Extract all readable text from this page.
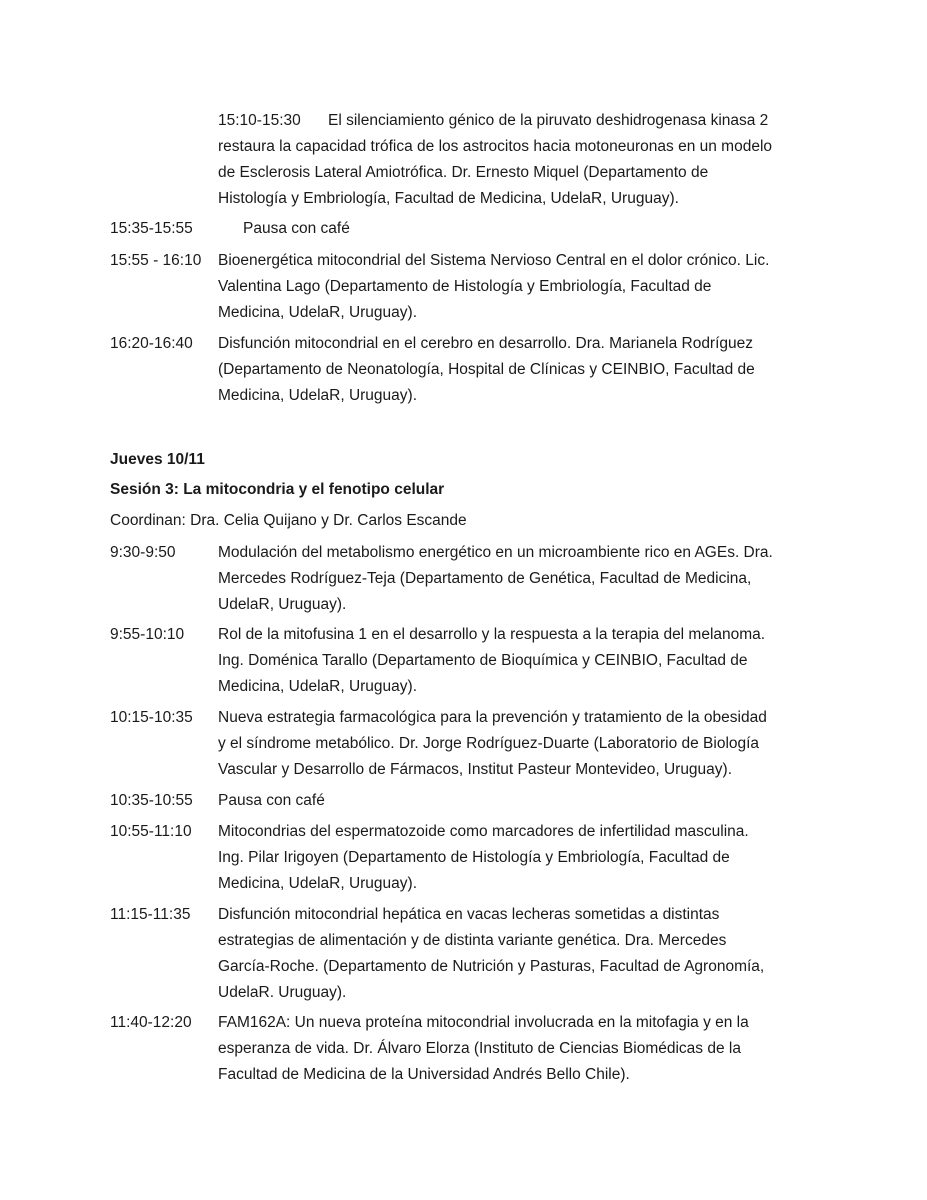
15:10-15:30 El silenciamiento génico de la piruvato deshidrogenasa kinasa 2
restaura la capacidad trófica de los astrocitos hacia motoneuronas en un modelo
de Esclerosis Lateral Amiotrófica. Dr. Ernesto Miquel (Departamento de
Histología y Embriología, Facultad de Medicina, UdelaR, Uruguay).
15:35-15:55	Pausa con café
15:55 - 16:10 Bioenergética mitocondrial del Sistema Nervioso Central en el dolor crónico. Lic.
Valentina Lago (Departamento de Histología y Embriología, Facultad de
Medicina, UdelaR, Uruguay).
16:20-16:40 Disfunción mitocondrial en el cerebro en desarrollo. Dra. Marianela Rodríguez
(Departamento de Neonatología, Hospital de Clínicas y CEINBIO, Facultad de
Medicina, UdelaR, Uruguay).
Jueves 10/11
Sesión 3: La mitocondria y el fenotipo celular
Coordinan: Dra. Celia Quijano y Dr. Carlos Escande
9:30-9:50	Modulación del metabolismo energético en un microambiente rico en AGEs. Dra.
Mercedes Rodríguez-Teja (Departamento de Genética, Facultad de Medicina,
UdelaR, Uruguay).
9:55-10:10 Rol de la mitofusina 1 en el desarrollo y la respuesta a la terapia del melanoma.
Ing. Doménica Tarallo (Departamento de Bioquímica y CEINBIO, Facultad de
Medicina, UdelaR, Uruguay).
10:15-10:35 Nueva estrategia farmacológica para la prevención y tratamiento de la obesidad
y el síndrome metabólico. Dr. Jorge Rodríguez-Duarte (Laboratorio de Biología
Vascular y Desarrollo de Fármacos, Institut Pasteur Montevideo, Uruguay).
10:35-10:55 Pausa con café
10:55-11:10 Mitocondrias del espermatozoide como marcadores de infertilidad masculina.
Ing. Pilar Irigoyen (Departamento de Histología y Embriología, Facultad de
Medicina, UdelaR, Uruguay).
11:15-11:35 Disfunción mitocondrial hepática en vacas lecheras sometidas a distintas
estrategias de alimentación y de distinta variante genética. Dra. Mercedes
García-Roche. (Departamento de Nutrición y Pasturas, Facultad de Agronomía,
UdelaR. Uruguay).
11:40-12:20 FAM162A: Un nueva proteína mitocondrial involucrada en la mitofagia y en la
esperanza de vida. Dr. Álvaro Elorza (Instituto de Ciencias Biomédicas de la
Facultad de Medicina de la Universidad Andrés Bello Chile).
